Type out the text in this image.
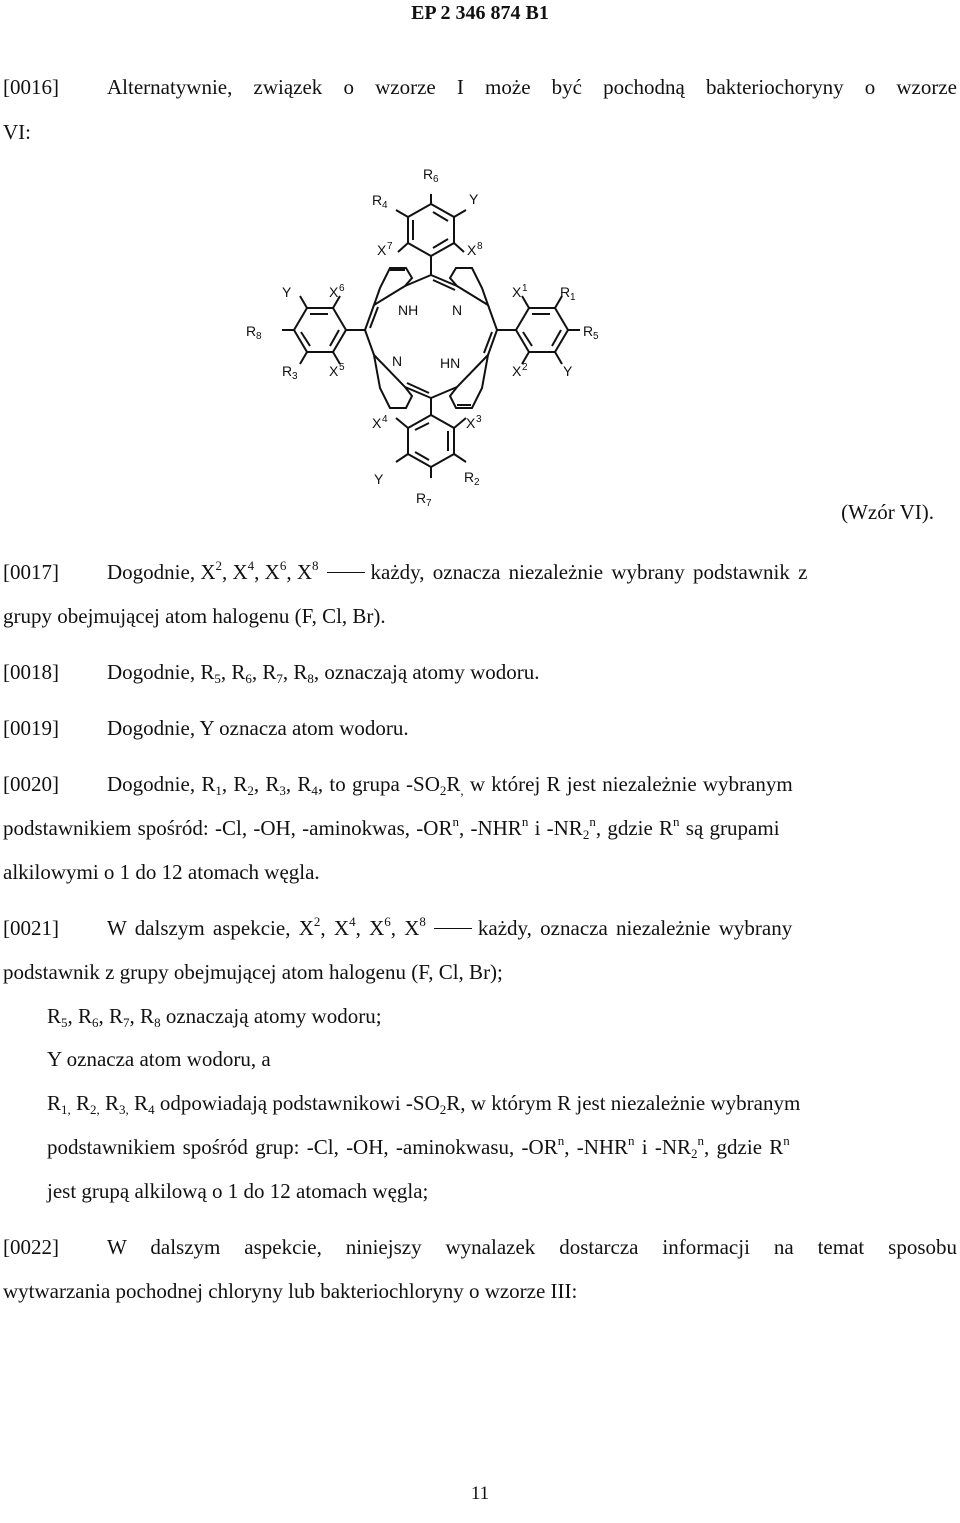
EP 2 346 874 B1
[0016] Alternatywnie, związek o wzorze I może być pochodną bakteriochoryny o wzorze
VI:
R 6
R 4	Y
X 7	X 8
Y	X 6
R 8
R 3 X 5
X 1 R 1
R 5
X 2	Y
NH N
N	HN
X 4	X 3
Y	R 2
R 7	(Wzór VI).
[0017] Dogodnie, $X^2$, $X^4$, $X^6$, $X^8$ każdy, oznacza niezależnie wybrany podstawnik z
grupy obejmującej atom halogenu (F, Cl, Br).
[0018] Dogodnie, $R_5$, $R_6$, $R_7$, $R_8$, oznaczają atomy wodoru.
[0019] Dogodnie, Y oznacza atom wodoru.
[0020] Dogodnie, $R_1$, $R_2$, $R_3$, $R_4$, to grupa $-SO_2R_,$ w której R jest niezależnie wybranym
podstawnikiem spośród: -Cl, -OH, -aminokwas, $-OR^n$, -NHR$^n$ i $-NR_2^n$, gdzie $R^n$ są grupami
alkilowymi o 1 do 12 atomach węgla.
[0021] W dalszym aspekcie, $X^2$, $X^4$, $X^6$, $X^8$ każdy, oznacza niezależnie wybrany
podstawnik z grupy obejmującej atom halogenu (F, Cl, Br);
$R_5$, $R_6$, $R_7$, $R_8$ oznaczają atomy wodoru;
Y oznacza atom wodoru, a
$R_{1,}$ $R_{2,}$ $R_{3,}$ $R_4$ odpowiadają podstawnikowi $-SO_2R$, w którym R jest niezależnie wybranym
podstawnikiem spośród grup: -Cl, -OH, -aminokwasu, $-OR^n$, -NHR$^n$ i $-NR_2^n$, gdzie $R^n$
jest grupą alkilową o 1 do 12 atomach węgla;
[0022] W dalszym aspekcie, niniejszy wynalazek dostarcza informacji na temat sposobu
wytwarzania pochodnej chloryny lub bakteriochloryny o wzorze III:
11
